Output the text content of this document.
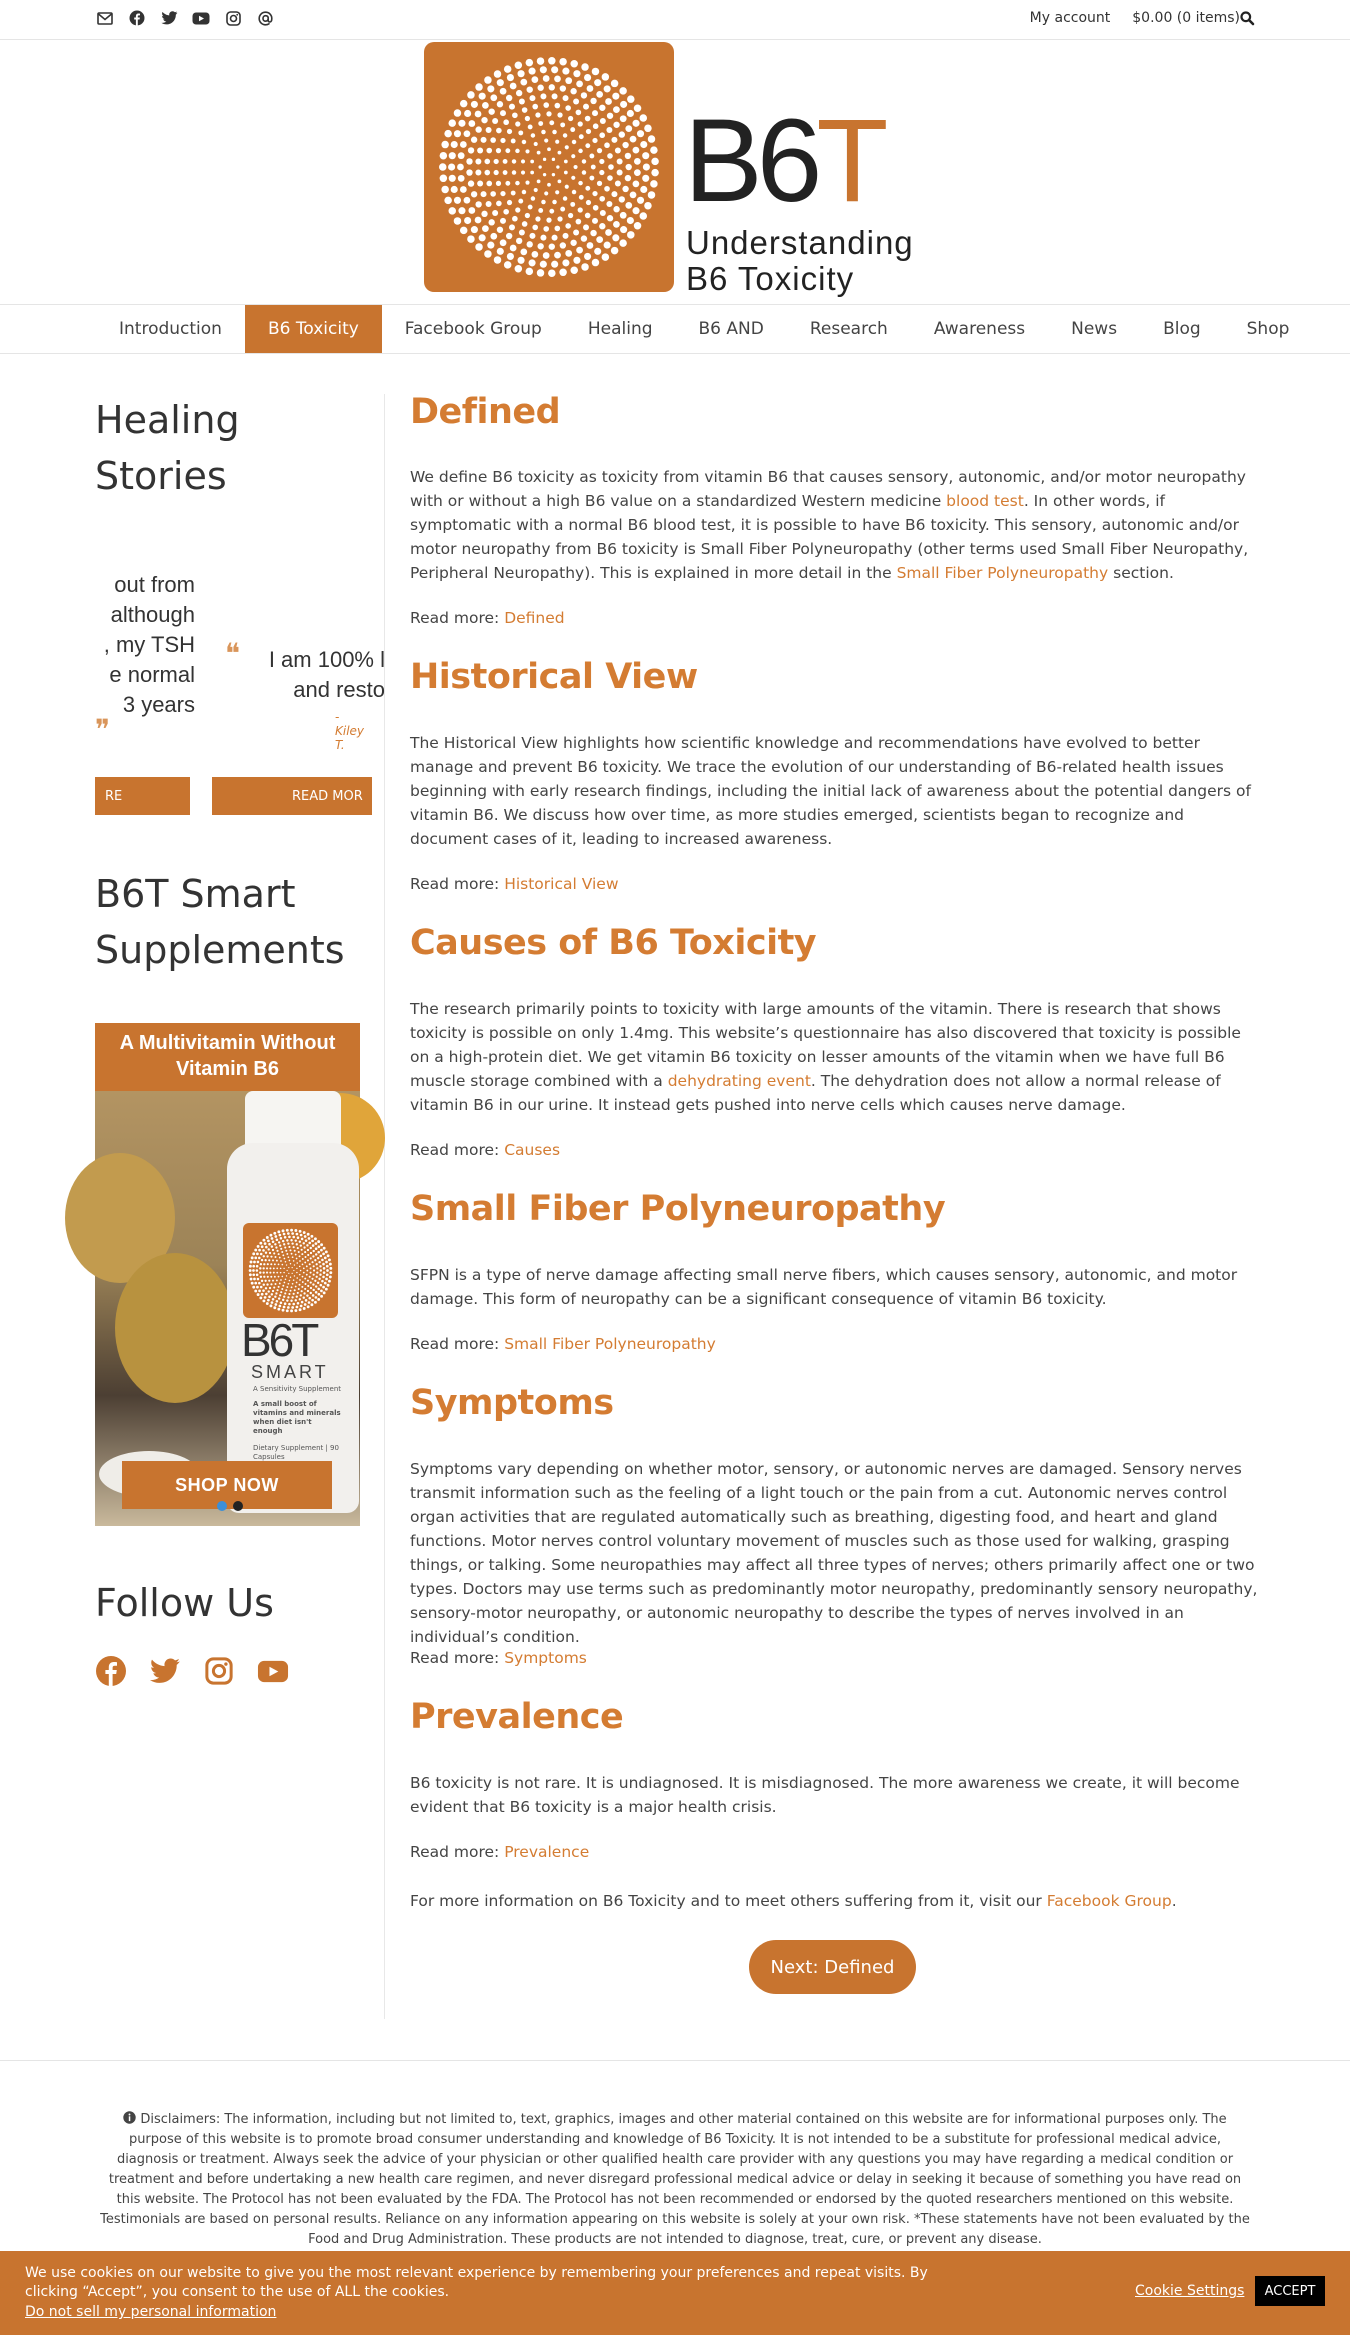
My account $0.00 (0 items)
B6T
Understanding
B6 Toxicity
Introduction	B6 Toxicity	Facebook Group	Healing	B6 AND	Research	Awareness	News	Blog	Shop
Healing Stories
out from
although
, my TSH
e normal
3 years
❞
❝	I am 100% l
and resto
-Kiley T.
RE	READ MOR
B6T Smart Supplements
B6T
SMART
A Sensitivity Supplement
A small boost of vitamins and minerals when diet isn't enough
Dietary Supplement | 90 Capsules
A Multivitamin Without Vitamin B6
SHOP NOW
Follow Us
Defined
We define B6 toxicity as toxicity from vitamin B6 that causes sensory, autonomic, and/or motor neuropathy with or without a high B6 value on a standardized Western medicine blood test. In other words, if symptomatic with a normal B6 blood test, it is possible to have B6 toxicity. This sensory, autonomic and/or motor neuropathy from B6 toxicity is Small Fiber Polyneuropathy (other terms used Small Fiber Neuropathy, Peripheral Neuropathy). This is explained in more detail in the Small Fiber Polyneuropathy section.
Read more: Defined
Historical View
The Historical View highlights how scientific knowledge and recommendations have evolved to better manage and prevent B6 toxicity. We trace the evolution of our understanding of B6-related health issues beginning with early research findings, including the initial lack of awareness about the potential dangers of vitamin B6. We discuss how over time, as more studies emerged, scientists began to recognize and document cases of it, leading to increased awareness.
Read more: Historical View
Causes of B6 Toxicity
The research primarily points to toxicity with large amounts of the vitamin. There is research that shows toxicity is possible on only 1.4mg. This website’s questionnaire has also discovered that toxicity is possible on a high-protein diet. We get vitamin B6 toxicity on lesser amounts of the vitamin when we have full B6 muscle storage combined with a dehydrating event. The dehydration does not allow a normal release of vitamin B6 in our urine. It instead gets pushed into nerve cells which causes nerve damage.
Read more: Causes
Small Fiber Polyneuropathy
SFPN is a type of nerve damage affecting small nerve fibers, which causes sensory, autonomic, and motor damage. This form of neuropathy can be a significant consequence of vitamin B6 toxicity.
Read more: Small Fiber Polyneuropathy
Symptoms
Symptoms vary depending on whether motor, sensory, or autonomic nerves are damaged. Sensory nerves transmit information such as the feeling of a light touch or the pain from a cut. Autonomic nerves control organ activities that are regulated automatically such as breathing, digesting food, and heart and gland functions. Motor nerves control voluntary movement of muscles such as those used for walking, grasping things, or talking. Some neuropathies may affect all three types of nerves; others primarily affect one or two types. Doctors may use terms such as predominantly motor neuropathy, predominantly sensory neuropathy, sensory-motor neuropathy, or autonomic neuropathy to describe the types of nerves involved in an individual’s condition.
Read more: Symptoms
Prevalence
B6 toxicity is not rare. It is undiagnosed. It is misdiagnosed. The more awareness we create, it will become evident that B6 toxicity is a major health crisis.
Read more: Prevalence
For more information on B6 Toxicity and to meet others suffering from it, visit our Facebook Group.
Next: Defined
Disclaimers: The information, including but not limited to, text, graphics, images and other material contained on this website are for informational purposes only. The purpose of this website is to promote broad consumer understanding and knowledge of B6 Toxicity. It is not intended to be a substitute for professional medical advice, diagnosis or treatment. Always seek the advice of your physician or other qualified health care provider with any questions you may have regarding a medical condition or treatment and before undertaking a new health care regimen, and never disregard professional medical advice or delay in seeking it because of something you have read on this website. The Protocol has not been evaluated by the FDA. The Protocol has not been recommended or endorsed by the quoted researchers mentioned on this website. Testimonials are based on personal results. Reliance on any information appearing on this website is solely at your own risk. *These statements have not been evaluated by the Food and Drug Administration. These products are not intended to diagnose, treat, cure, or prevent any disease.
We use cookies on our website to give you the most relevant experience by remembering your preferences and repeat visits. By clicking “Accept”, you consent to the use of ALL the cookies.
Do not sell my personal information
Cookie Settings	ACCEPT
